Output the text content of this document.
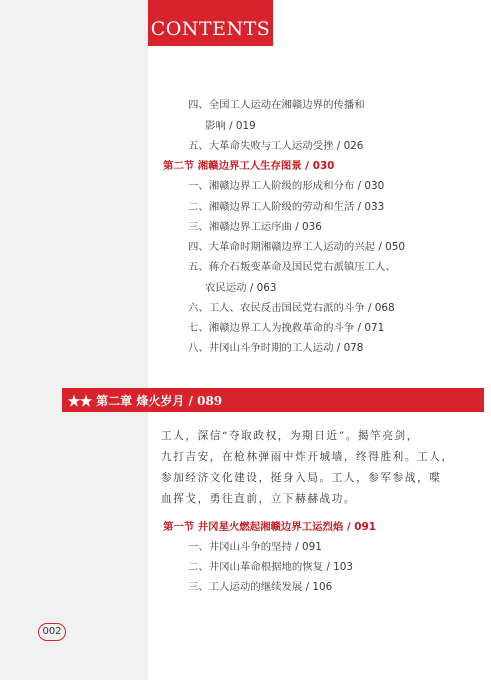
CONTENTS
四、全国工人运动在湘赣边界的传播和
影响 / 019
五、大革命失败与工人运动受挫 / 026
第二节 湘赣边界工人生存图景 / 030
一、湘赣边界工人阶级的形成和分布 / 030
二、湘赣边界工人阶级的劳动和生活 / 033
三、湘赣边界工运序曲 / 036
四、大革命时期湘赣边界工人运动的兴起 / 050
五、蒋介石叛变革命及国民党右派镇压工人、
农民运动 / 063
六、工人、农民反击国民党右派的斗争 / 068
七、湘赣边界工人为挽救革命的斗争 / 071
八、井冈山斗争时期的工人运动 / 078
★★ 第二章 烽火岁月 / 089
工人，深信“夺取政权，为期日近”。揭竿亮剑，
九打吉安，在枪林弹雨中炸开城墙，终得胜利。工人，
参加经济文化建设，挺身入局。工人，参军参战，喋
血挥戈，勇往直前，立下赫赫战功。
第一节 井冈星火燃起湘赣边界工运烈焰 / 091
一、井冈山斗争的坚持 / 091
二、井冈山革命根据地的恢复 / 103
三、工人运动的继续发展 / 106
002
